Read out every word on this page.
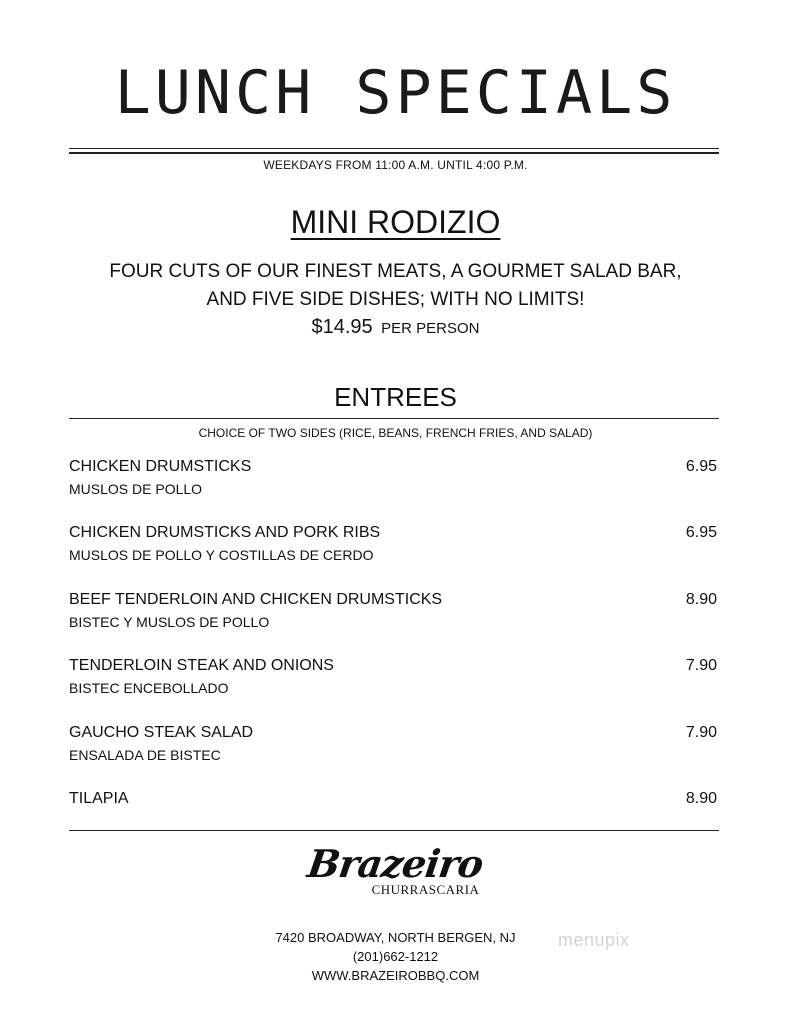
LUNCH SPECIALS
WEEKDAYS FROM 11:00 A.M. UNTIL 4:00 P.M.
MINI RODIZIO
FOUR CUTS OF OUR FINEST MEATS, A GOURMET SALAD BAR,
AND FIVE SIDE DISHES; WITH NO LIMITS!
$14.95 PER PERSON
ENTREES
CHOICE OF TWO SIDES (RICE, BEANS, FRENCH FRIES, AND SALAD)
CHICKEN DRUMSTICKS
MUSLOS DE POLLO
6.95
CHICKEN DRUMSTICKS AND PORK RIBS
MUSLOS DE POLLO Y COSTILLAS DE CERDO
6.95
BEEF TENDERLOIN AND CHICKEN DRUMSTICKS
BISTEC Y MUSLOS DE POLLO
8.90
TENDERLOIN STEAK AND ONIONS
BISTEC ENCEBOLLADO
7.90
GAUCHO STEAK SALAD
ENSALADA DE BISTEC
7.90
TILAPIA	8.90
Brazeiro
CHURRASCARIA
7420 BROADWAY, NORTH BERGEN, NJ
(201)662-1212
WWW.BRAZEIROBBQ.COM
menupix
